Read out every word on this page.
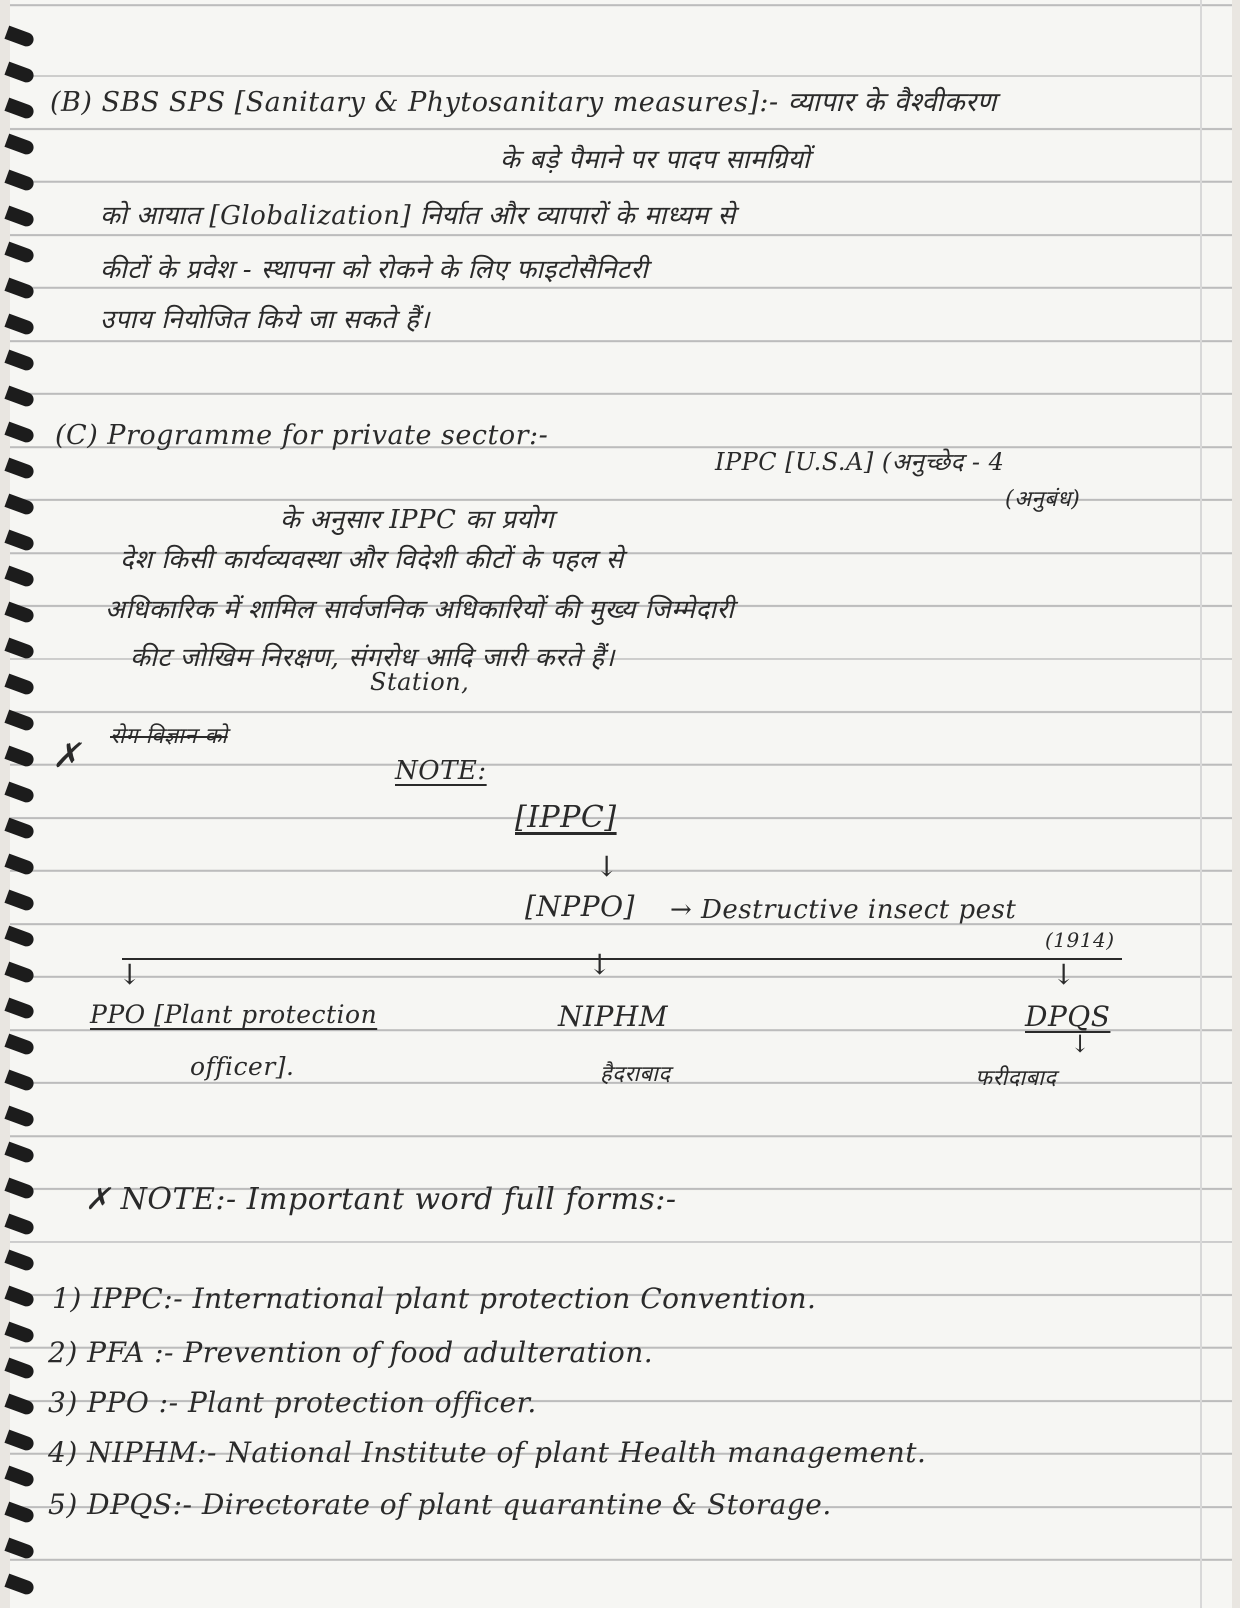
(B) SBS SPS [Sanitary & Phytosanitary measures]:- व्यापार के वैश्वीकरण
के बड़े पैमाने पर पादप सामग्रियों
को आयात [Globalization] निर्यात और व्यापारों के माध्यम से
कीटों के प्रवेश - स्थापना को रोकने के लिए फाइटोसैनिटरी
उपाय नियोजित किये जा सकते हैं।
(C) Programme for private sector:-
IPPC [U.S.A] (अनुच्छेद - 4
के अनुसार IPPC का प्रयोग
(अनुबंध)
देश किसी कार्यव्यवस्था और विदेशी कीटों के पहल से
अधिकारिक में शामिल सार्वजनिक अधिकारियों की मुख्य जिम्मेदारी
कीट जोखिम निरक्षण, संगरोध आदि जारी करते हैं।
Station,
✗ रोग विज्ञान को
NOTE:
[IPPC]
↓
[NPPO] → Destructive insect pest
(1914)
↓	↓	↓
PPO [Plant protection
officer].
NIPHM
हैदराबाद
DPQS
↓
फरीदाबाद
✗ NOTE:- Important word full forms:-
1) IPPC:- International plant protection Convention.
2) PFA :- Prevention of food adulteration.
3) PPO :- Plant protection officer.
4) NIPHM:- National Institute of plant Health management.
5) DPQS:- Directorate of plant quarantine & Storage.
